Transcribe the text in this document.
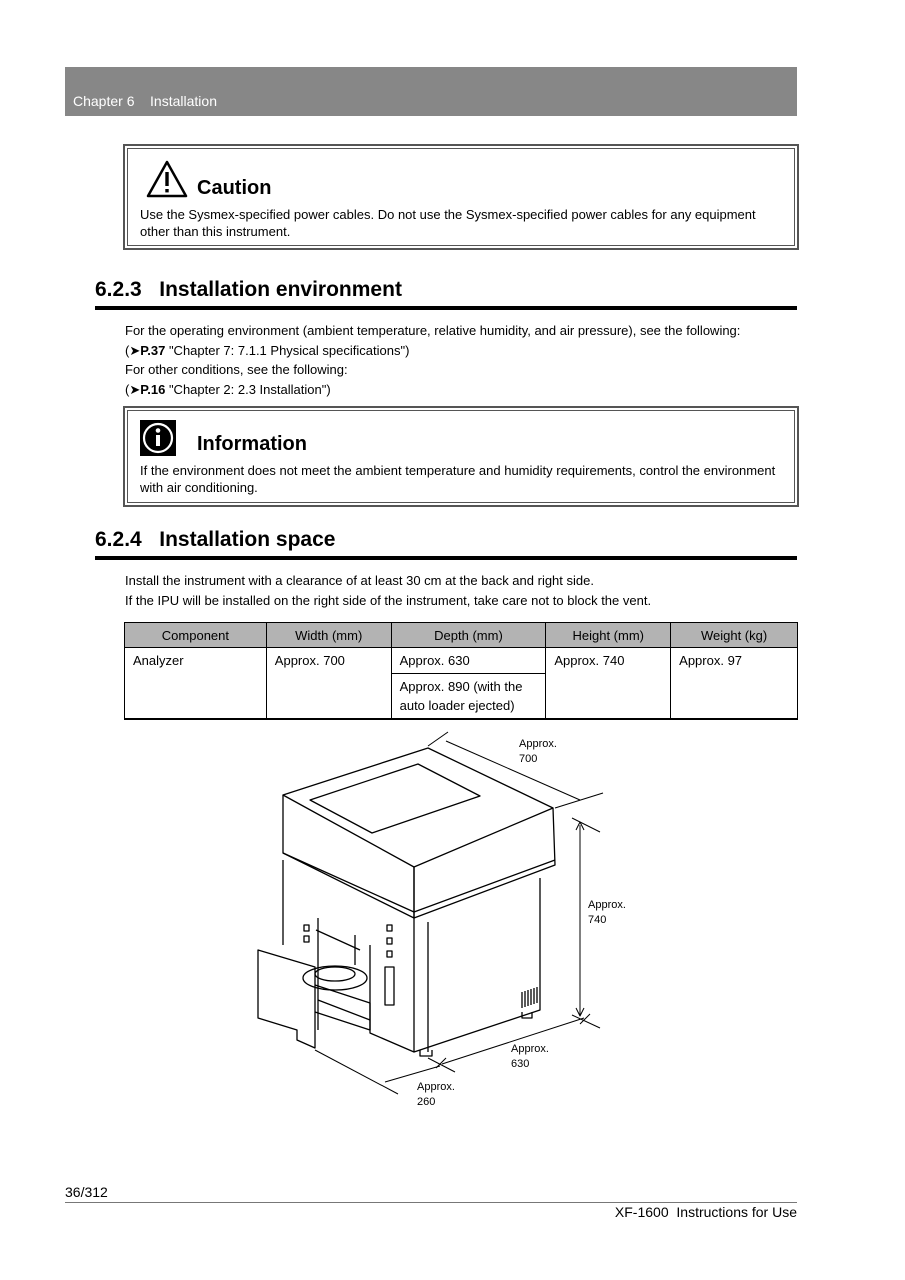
Chapter 6 Installation
Caution
Use the Sysmex-specified power cables. Do not use the Sysmex-specified power cables for any equipment other than this instrument.
6.2.3 Installation environment
For the operating environment (ambient temperature, relative humidity, and air pressure), see the following:
(➤P.37 "Chapter 7: 7.1.1 Physical specifications")
For other conditions, see the following:
(➤P.16 "Chapter 2: 2.3 Installation")
Information
If the environment does not meet the ambient temperature and humidity requirements, control the environment with air conditioning.
6.2.4 Installation space
Install the instrument with a clearance of at least 30 cm at the back and right side.
If the IPU will be installed on the right side of the instrument, take care not to block the vent.
Component	Width (mm)	Depth (mm)	Height (mm)	Weight (kg)
Analyzer	Approx. 700	Approx. 630	Approx. 740	Approx. 97
		Approx. 890 (with the auto loader ejected)		
Approx.
700
Approx.
740
Approx.
630
Approx.
260
36/312
XF-1600  Instructions for Use
